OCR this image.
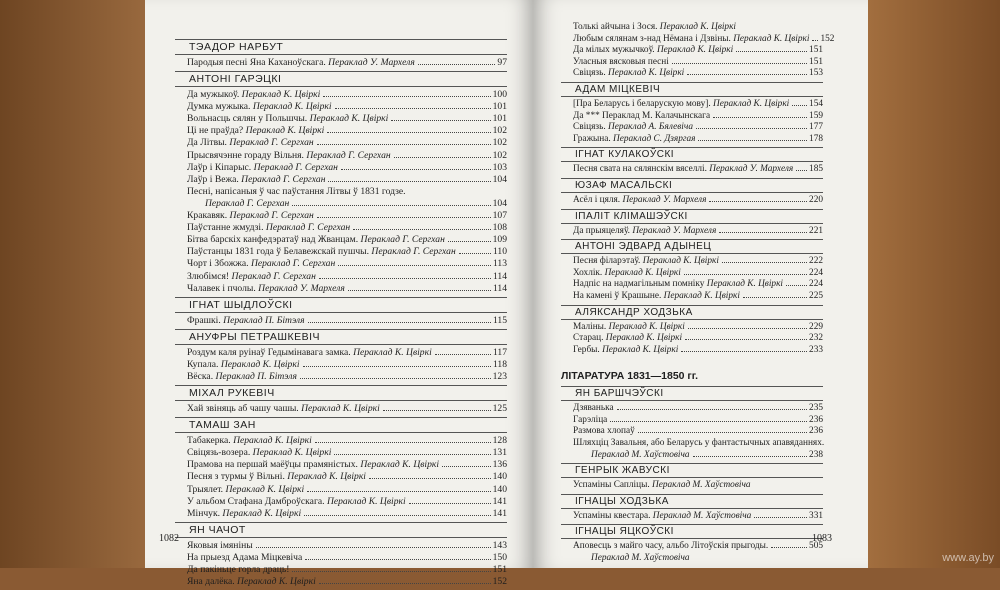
ТЭАДОР НАРБУТ
Пародыя песні Яна Каханоўскага. Пераклад У. Мархеля	97
АНТОНІ ГАРЭЦКІ
Да мужыкоў. Пераклад К. Цвіркі	100
Думка мужыка. Пераклад К. Цвіркі	101
Вольнасць сялян у Польшчы. Пераклад К. Цвіркі	101
Ці не праўда? Пераклад К. Цвіркі	102
Да Літвы. Пераклад Г. Сергхан	102
Прысвячэнне гораду Вільня. Пераклад Г. Сергхан	102
Лаўр і Кіпарыс. Пераклад Г. Сергхан	103
Лаўр і Вежа. Пераклад Г. Сергхан	104
Песні, напісаныя ў час паўстання Літвы ў 1831 годзе.
Пераклад Г. Сергхан	104
Кракавяк. Пераклад Г. Сергхан	107
Паўстанне жмудзі. Пераклад Г. Сергхан	108
Бітва барскіх канфедэратаў над Жванцам. Пераклад Г. Сергхан	109
Паўстанцы 1831 года ў Белавежскай пушчы. Пераклад Г. Сергхан	110
Чорт і Збожжа. Пераклад Г. Сергхан	113
Злюбімся! Пераклад Г. Сергхан	114
Чалавек і пчолы. Пераклад У. Мархеля	114
ІГНАТ ШЫДЛОЎСКІ
Фрашкі. Пераклад П. Бітэля	115
АНУФРЫ ПЕТРАШКЕВІЧ
Роздум каля руінаў Гедымінавага замка. Пераклад К. Цвіркі	117
Купала. Пераклад К. Цвіркі	118
Вёска. Пераклад П. Бітэля	123
МІХАЛ РУКЕВІЧ
Хай звіняць аб чашу чашы. Пераклад К. Цвіркі	125
ТАМАШ ЗАН
Табакерка. Пераклад К. Цвіркі	128
Свіцязь-возера. Пераклад К. Цвіркі	131
Прамова на першай маёўцы прамяністых. Пераклад К. Цвіркі	136
Песня з турмы ў Вільні. Пераклад К. Цвіркі	140
Трыялет. Пераклад К. Цвіркі	140
У альбом Стафана Дамброўскага. Пераклад К. Цвіркі	141
Мінчук. Пераклад К. Цвіркі	141
ЯН ЧАЧОТ
Яковыя імяніны	143
На прыезд Адама Міцкевіча	150
Да пакіньце горла драць!	151
Яна далёка. Пераклад К. Цвіркі	152
1082
Толькі айчына і Зося. Пераклад К. Цвіркі
Любым сялянам з-над Нёмана і Дзвіны. Пераклад К. Цвіркі 152
Да мілых мужычкоў. Пераклад К. Цвіркі	151
Уласныя вясковыя песні	151
Свіцязь. Пераклад К. Цвіркі	153
АДАМ МІЦКЕВІЧ
[Пра Беларусь і беларускую мову]. Пераклад К. Цвіркі 154
Да *** Пераклад М. Калачынскага	159
Свіцязь. Пераклад А. Бялевіча	177
Гражына. Пераклад С. Дзяргая	178
ІГНАТ КУЛАКОЎСКІ
Песня свата на сялянскім вяселлі. Пераклад У. Мархеля 185
ЮЗАФ МАСАЛЬСКІ
Асёл і цяля. Пераклад У. Мархеля	220
ІПАЛІТ КЛІМАШЭЎСКІ
Да прыяцеляў. Пераклад У. Мархеля	221
АНТОНІ ЭДВАРД АДЫНЕЦ
Песня філарэтаў. Пераклад К. Цвіркі	222
Хохлік. Пераклад К. Цвіркі	224
Надпіс на надмагільным помніку Пераклад К. Цвіркі	224
На камені ў Крашыне. Пераклад К. Цвіркі	225
АЛЯКСАНДР ХОДЗЬКА
Маліны. Пераклад К. Цвіркі	229
Старац. Пераклад К. Цвіркі	232
Гербы. Пераклад К. Цвіркі	233
ЛІТАРАТУРА 1831—1850 гг.
ЯН БАРШЧЭЎСКІ
Дзяванька	235
Гарэліца	236
Размова хлопаў	236
Шляхціц Завальня, або Беларусь у фантастычных апавяданнях.
Пераклад М. Хаўстовіча	238
ГЕНРЫК ЖАВУСКІ
Успаміны Сапліцы. Пераклад М. Хаўстовіча
ІГНАЦЫ ХОДЗЬКА
Успаміны квестара. Пераклад М. Хаўстовіча	331
ІГНАЦЫ ЯЦКОЎСКІ
Аповесць з майго часу, альбо Літоўскія прыгоды.	505
Пераклад М. Хаўстовіча
1083
www.ay.by
